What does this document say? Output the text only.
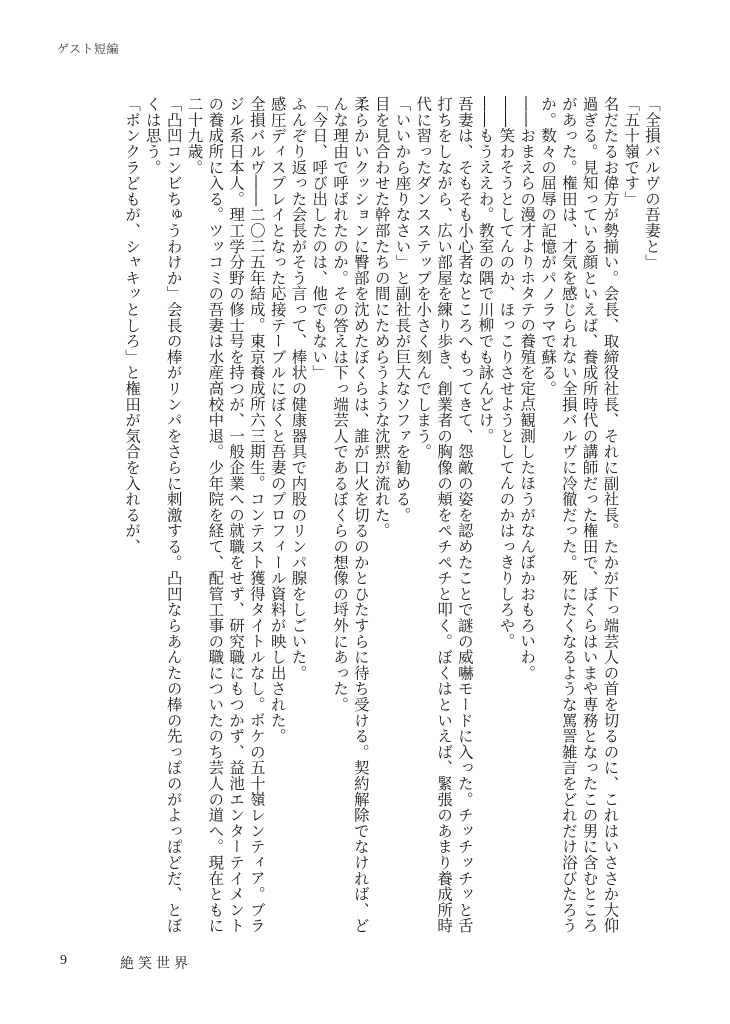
ゲスト短編

「全損バルヴの吾妻と」

「五十嶺です」

名だたるお偉方が勢揃い。会長、取締役社長、それに副社長。たかが下っ端芸人の首を切るのに、これはいささか大仰過ぎる。見知っている顔といえば、養成所時代の講師だった権田で、ぼくらはいまや専務となったこの男に含むところがあった。権田は、才気を感じられない全損バルヴに冷徹だった。死にたくなるような罵詈雑言をどれだけ浴びたろうか。数々の屈辱の記憶がパノラマで蘇る。

――おまえらの漫才よりホタテの養殖を定点観測したほうがなんぼかおもろいわ。

――笑わそうとしてんのか、ほっこりさせようとしてんのかはっきりしろや。

――もうええわ。教室の隅で川柳でも詠んどけ。

吾妻は、そもそも小心者なところへもってきて、怨敵の姿を認めたことで謎の威嚇モードに入った。チッチッチッと舌打ちをしながら、広い部屋を練り歩き、創業者の胸像の頬をペチペチと叩く。ぼくはといえば、緊張のあまり養成所時代に習ったダンスステップを小さく刻んでしまう。

「いいから座りなさい」と副社長が巨大なソファを勧める。

目を見合わせた幹部たちの間にためらうような沈黙が流れた。

柔らかいクッションに臀部を沈めたぼくらは、誰が口火を切るのかとひたすらに待ち受ける。契約解除でなければ、どんな理由で呼ばれたのか。その答えは下っ端芸人であるぼくらの想像の埒外にあった。

「今日、呼び出したのは、他でもない」

ふんぞり返った会長がそう言って、棒状の健康器具で内股のリンパ腺をしごいた。

感圧ディスプレイとなった応接テーブルにぼくと吾妻のプロフィール資料が映し出された。

全損バルヴ――二〇二五年結成。東京養成所六三期生。コンテスト獲得タイトルなし。ボケの五十嶺レンティア。ブラジル系日本人。理工学分野の修士号を持つが、一般企業への就職をせず、研究職にもつかず、益池エンターテイメントの養成所に入る。ツッコミの吾妻は水産高校中退。少年院を経て、配管工事の職についたのち芸人の道へ。現在ともに二十九歳。

「凸凹コンビちゅうわけか」会長の棒がリンパをさらに刺激する。凸凹ならあんたの棒の先っぽのがよっぽどだ、とぼくは思う。

「ボンクラどもが、シャキッとしろ」と権田が気合を入れるが、

9	絶笑世界
